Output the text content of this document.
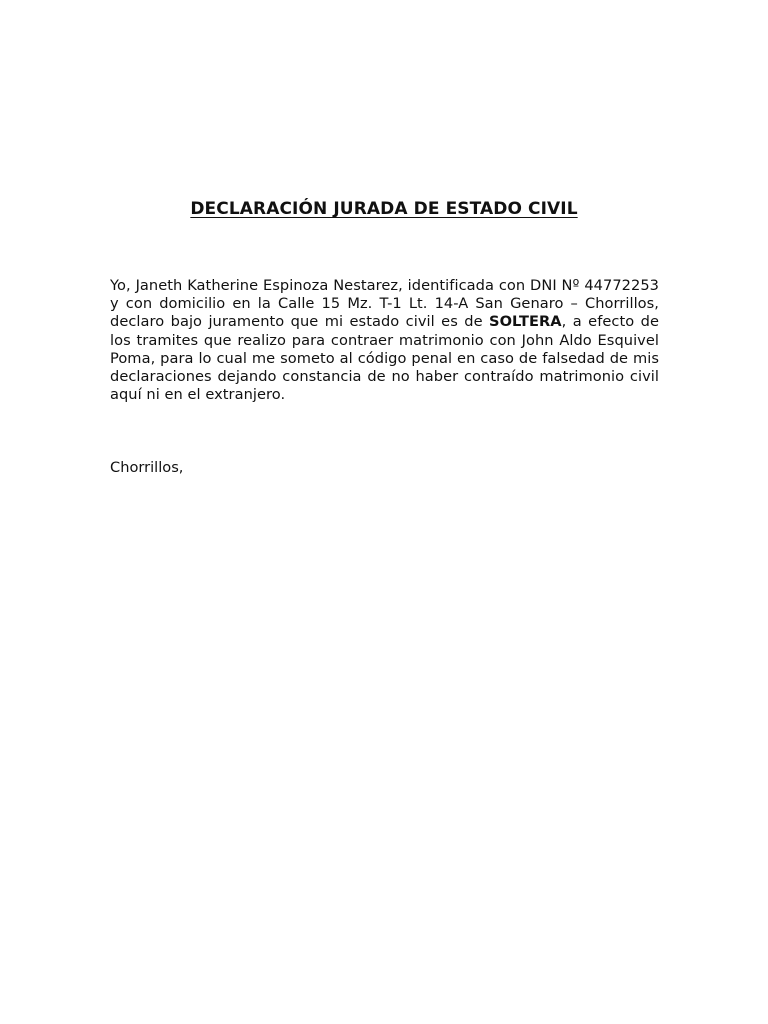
DECLARACIÓN JURADA DE ESTADO CIVIL

Yo, Janeth Katherine Espinoza Nestarez, identificada con DNI Nº 44772253 y con domicilio en la Calle 15 Mz. T-1 Lt. 14-A San Genaro – Chorrillos, declaro bajo juramento que mi estado civil es de SOLTERA, a efecto de los tramites que realizo para contraer matrimonio con John Aldo Esquivel Poma, para lo cual me someto al código penal en caso de falsedad de mis declaraciones dejando constancia de no haber contraído matrimonio civil aquí ni en el extranjero.

Chorrillos,
